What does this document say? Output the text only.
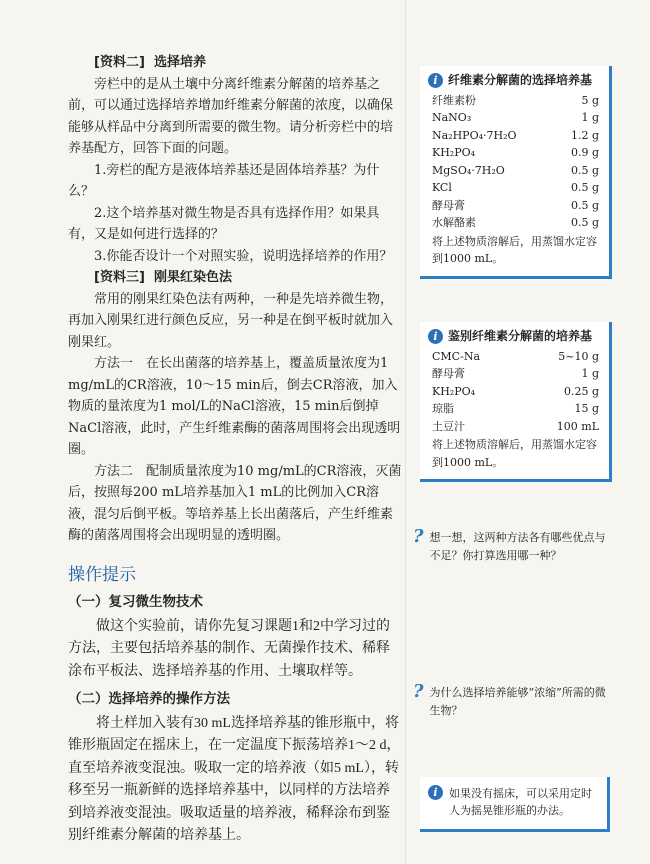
[资料二] 选择培养

旁栏中的是从土壤中分离纤维素分解菌的培养基之前，可以通过选择培养增加纤维素分解菌的浓度，以确保能够从样品中分离到所需要的微生物。请分析旁栏中的培养基配方，回答下面的问题。

1.旁栏的配方是液体培养基还是固体培养基？为什么？

2.这个培养基对微生物是否具有选择作用？如果具有，又是如何进行选择的？

3.你能否设计一个对照实验，说明选择培养的作用？

[资料三] 刚果红染色法

常用的刚果红染色法有两种，一种是先培养微生物，再加入刚果红进行颜色反应，另一种是在倒平板时就加入刚果红。

方法一　在长出菌落的培养基上，覆盖质量浓度为1 mg/mL的CR溶液，10～15 min后，倒去CR溶液，加入物质的量浓度为1 mol/L的NaCl溶液，15 min后倒掉NaCl溶液，此时，产生纤维素酶的菌落周围将会出现透明圈。

方法二　配制质量浓度为10 mg/mL的CR溶液，灭菌后，按照每200 mL培养基加入1 mL的比例加入CR溶液，混匀后倒平板。等培养基上长出菌落后，产生纤维素酶的菌落周围将会出现明显的透明圈。

操作提示
（一）复习微生物技术

做这个实验前，请你先复习课题1和2中学习过的方法，主要包括培养基的制作、无菌操作技术、稀释涂布平板法、选择培养基的作用、土壤取样等。

（二）选择培养的操作方法

将土样加入装有30 mL选择培养基的锥形瓶中，将锥形瓶固定在摇床上，在一定温度下振荡培养1～2 d，直至培养液变混浊。吸取一定的培养液（如5 mL），转移至另一瓶新鲜的选择培养基中，以同样的方法培养到培养液变混浊。吸取适量的培养液，稀释涂布到鉴别纤维素分解菌的培养基上。

i 纤维素分解菌的选择培养基
纤维素粉	5 g
NaNO₃	1 g
Na₂HPO₄·7H₂O	1.2 g
KH₂PO₄	0.9 g
MgSO₄·7H₂O	0.5 g
KCl	0.5 g
酵母膏	0.5 g
水解酪素	0.5 g
将上述物质溶解后，用蒸馏水定容到1000 mL。
i 鉴别纤维素分解菌的培养基
CMC-Na	5~10 g
酵母膏	1 g
KH₂PO₄	0.25 g
琼脂	15 g
土豆汁	100 mL
将上述物质溶解后，用蒸馏水定容到1000 mL。
? 想一想，这两种方法各有哪些优点与不足？你打算选用哪一种？
? 为什么选择培养能够“浓缩”所需的微生物？
i	如果没有摇床，可以采用定时人为摇晃锥形瓶的办法。
